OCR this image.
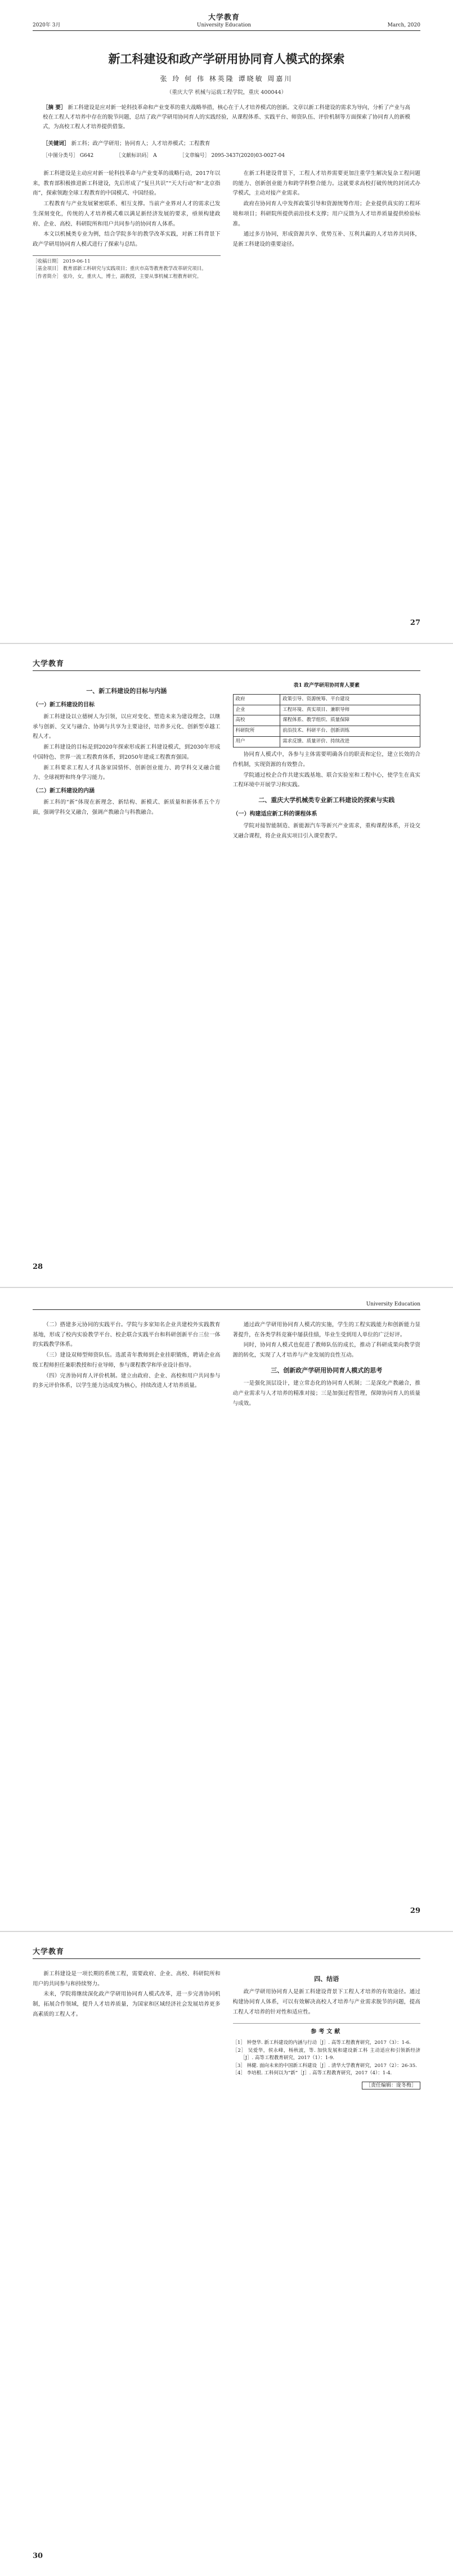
2020年 3月
大学教育
University Education	March, 2020
新工科建设和政产学研用协同育人模式的探索
张 玲 何 伟 林英隆 谭晓敏 周嘉川
（重庆大学 机械与运载工程学院，重庆 400044）
［摘 要］ 新工科建设是应对新一轮科技革命和产业变革的重大战略举措，核心在于人才培养模式的创新。文章以新工科建设的需求为导向，分析了产业与高校在工程人才培养中存在的脱节问题，总结了政产学研用协同育人的实践经验，从课程体系、实践平台、师资队伍、评价机制等方面探索了协同育人的新模式，为高校工程人才培养提供借鉴。
［关键词］ 新工科；政产学研用；协同育人；人才培养模式；工程教育
［中图分类号］ G642	［文献标识码］ A	［文章编号］ 2095-3437(2020)03-0027-04

新工科建设是主动应对新一轮科技革命与产业变革的战略行动，2017年以来，教育部积极推进新工科建设，先后形成了“复旦共识”“天大行动”和“北京指南”，探索领跑全球工程教育的中国模式、中国经验。

工程教育与产业发展紧密联系、相互支撑。当前产业界对人才的需求已发生深刻变化，传统的人才培养模式难以满足新经济发展的要求，亟须构建政府、企业、高校、科研院所和用户共同参与的协同育人体系。

本文以机械类专业为例，结合学院多年的教学改革实践，对新工科背景下政产学研用协同育人模式进行了探索与总结。

［收稿日期］ 2019-06-11
［基金项目］ 教育部新工科研究与实践项目；重庆市高等教育教学改革研究项目。
［作者简介］ 张玲，女，重庆人，博士，副教授，主要从事机械工程教育研究。

在新工科建设背景下，工程人才培养需要更加注重学生解决复杂工程问题的能力、创新创业能力和跨学科整合能力。这就要求高校打破传统的封闭式办学模式，主动对接产业需求。

政府在协同育人中发挥政策引导和资源统筹作用；企业提供真实的工程环境和项目；科研院所提供前沿技术支撑；用户反馈为人才培养质量提供检验标准。

通过多方协同，形成资源共享、优势互补、互利共赢的人才培养共同体，是新工科建设的重要途径。

27
大学教育
一、新工科建设的目标与内涵
（一）新工科建设的目标

新工科建设以立德树人为引领，以应对变化、塑造未来为建设理念，以继承与创新、交叉与融合、协调与共享为主要途径，培养多元化、创新型卓越工程人才。

新工科建设的目标是到2020年探索形成新工科建设模式，到2030年形成中国特色、世界一流工程教育体系，到2050年建成工程教育强国。

新工科要求工程人才具备家国情怀、创新创业能力、跨学科交叉融合能力、全球视野和终身学习能力。

（二）新工科建设的内涵

新工科的“新”体现在新理念、新结构、新模式、新质量和新体系五个方面，强调学科交叉融合，强调产教融合与科教融合。

表1 政产学研用协同育人要素
政府	政策引导、资源统筹、平台建设
企业	工程环境、真实项目、兼职导师
高校	课程体系、教学组织、质量保障
科研院所	前沿技术、科研平台、创新训练
用户	需求反馈、质量评价、持续改进

协同育人模式中，各参与主体需要明确各自的职责和定位，建立长效的合作机制，实现资源的有效整合。

学院通过校企合作共建实践基地、联合实验室和工程中心，使学生在真实工程环境中开展学习和实践。

二、重庆大学机械类专业新工科建设的探索与实践
（一）构建适应新工科的课程体系

学院对接智能制造、新能源汽车等新兴产业需求，重构课程体系，开设交叉融合课程，将企业真实项目引入课堂教学。

28
University Education

（二）搭建多元协同的实践平台。学院与多家知名企业共建校外实践教育基地，形成了校内实验教学平台、校企联合实践平台和科研创新平台三位一体的实践教学体系。

（三）建设双师型师资队伍。选派青年教师到企业挂职锻炼，聘请企业高级工程师担任兼职教授和行业导师，参与课程教学和毕业设计指导。

（四）完善协同育人评价机制。建立由政府、企业、高校和用户共同参与的多元评价体系，以学生能力达成度为核心，持续改进人才培养质量。

通过政产学研用协同育人模式的实施，学生的工程实践能力和创新能力显著提升，在各类学科竞赛中屡获佳绩，毕业生受到用人单位的广泛好评。

同时，协同育人模式也促进了教师队伍的成长，推动了科研成果向教学资源的转化，实现了人才培养与产业发展的良性互动。

三、创新政产学研用协同育人模式的思考

一是强化顶层设计，建立常态化的协同育人机制；二是深化产教融合，推动产业需求与人才培养的精准对接；三是加强过程管理，保障协同育人的质量与成效。

29
大学教育

新工科建设是一项长期的系统工程，需要政府、企业、高校、科研院所和用户的共同参与和持续努力。

未来，学院将继续深化政产学研用协同育人模式改革，进一步完善协同机制，拓展合作领域，提升人才培养质量，为国家和区域经济社会发展培养更多高素质的工程人才。

四、结语

政产学研用协同育人是新工科建设背景下工程人才培养的有效途径。通过构建协同育人体系，可以有效解决高校人才培养与产业需求脱节的问题，提高工程人才培养的针对性和适应性。

参考文献
［1］ 钟登华. 新工科建设的内涵与行动［J］. 高等工程教育研究，2017（3）：1-6.
［2］ 吴爱华，侯永峰，杨秋波，等. 加快发展和建设新工科 主动适应和引领新经济［J］. 高等工程教育研究，2017（1）：1-9.
［3］ 林健. 面向未来的中国新工科建设［J］. 清华大学教育研究，2017（2）：26-35.
［4］ 李培根. 工科何以为“新”［J］. 高等工程教育研究，2017（4）：1-4.
［责任编辑：庞冬梅］
30
